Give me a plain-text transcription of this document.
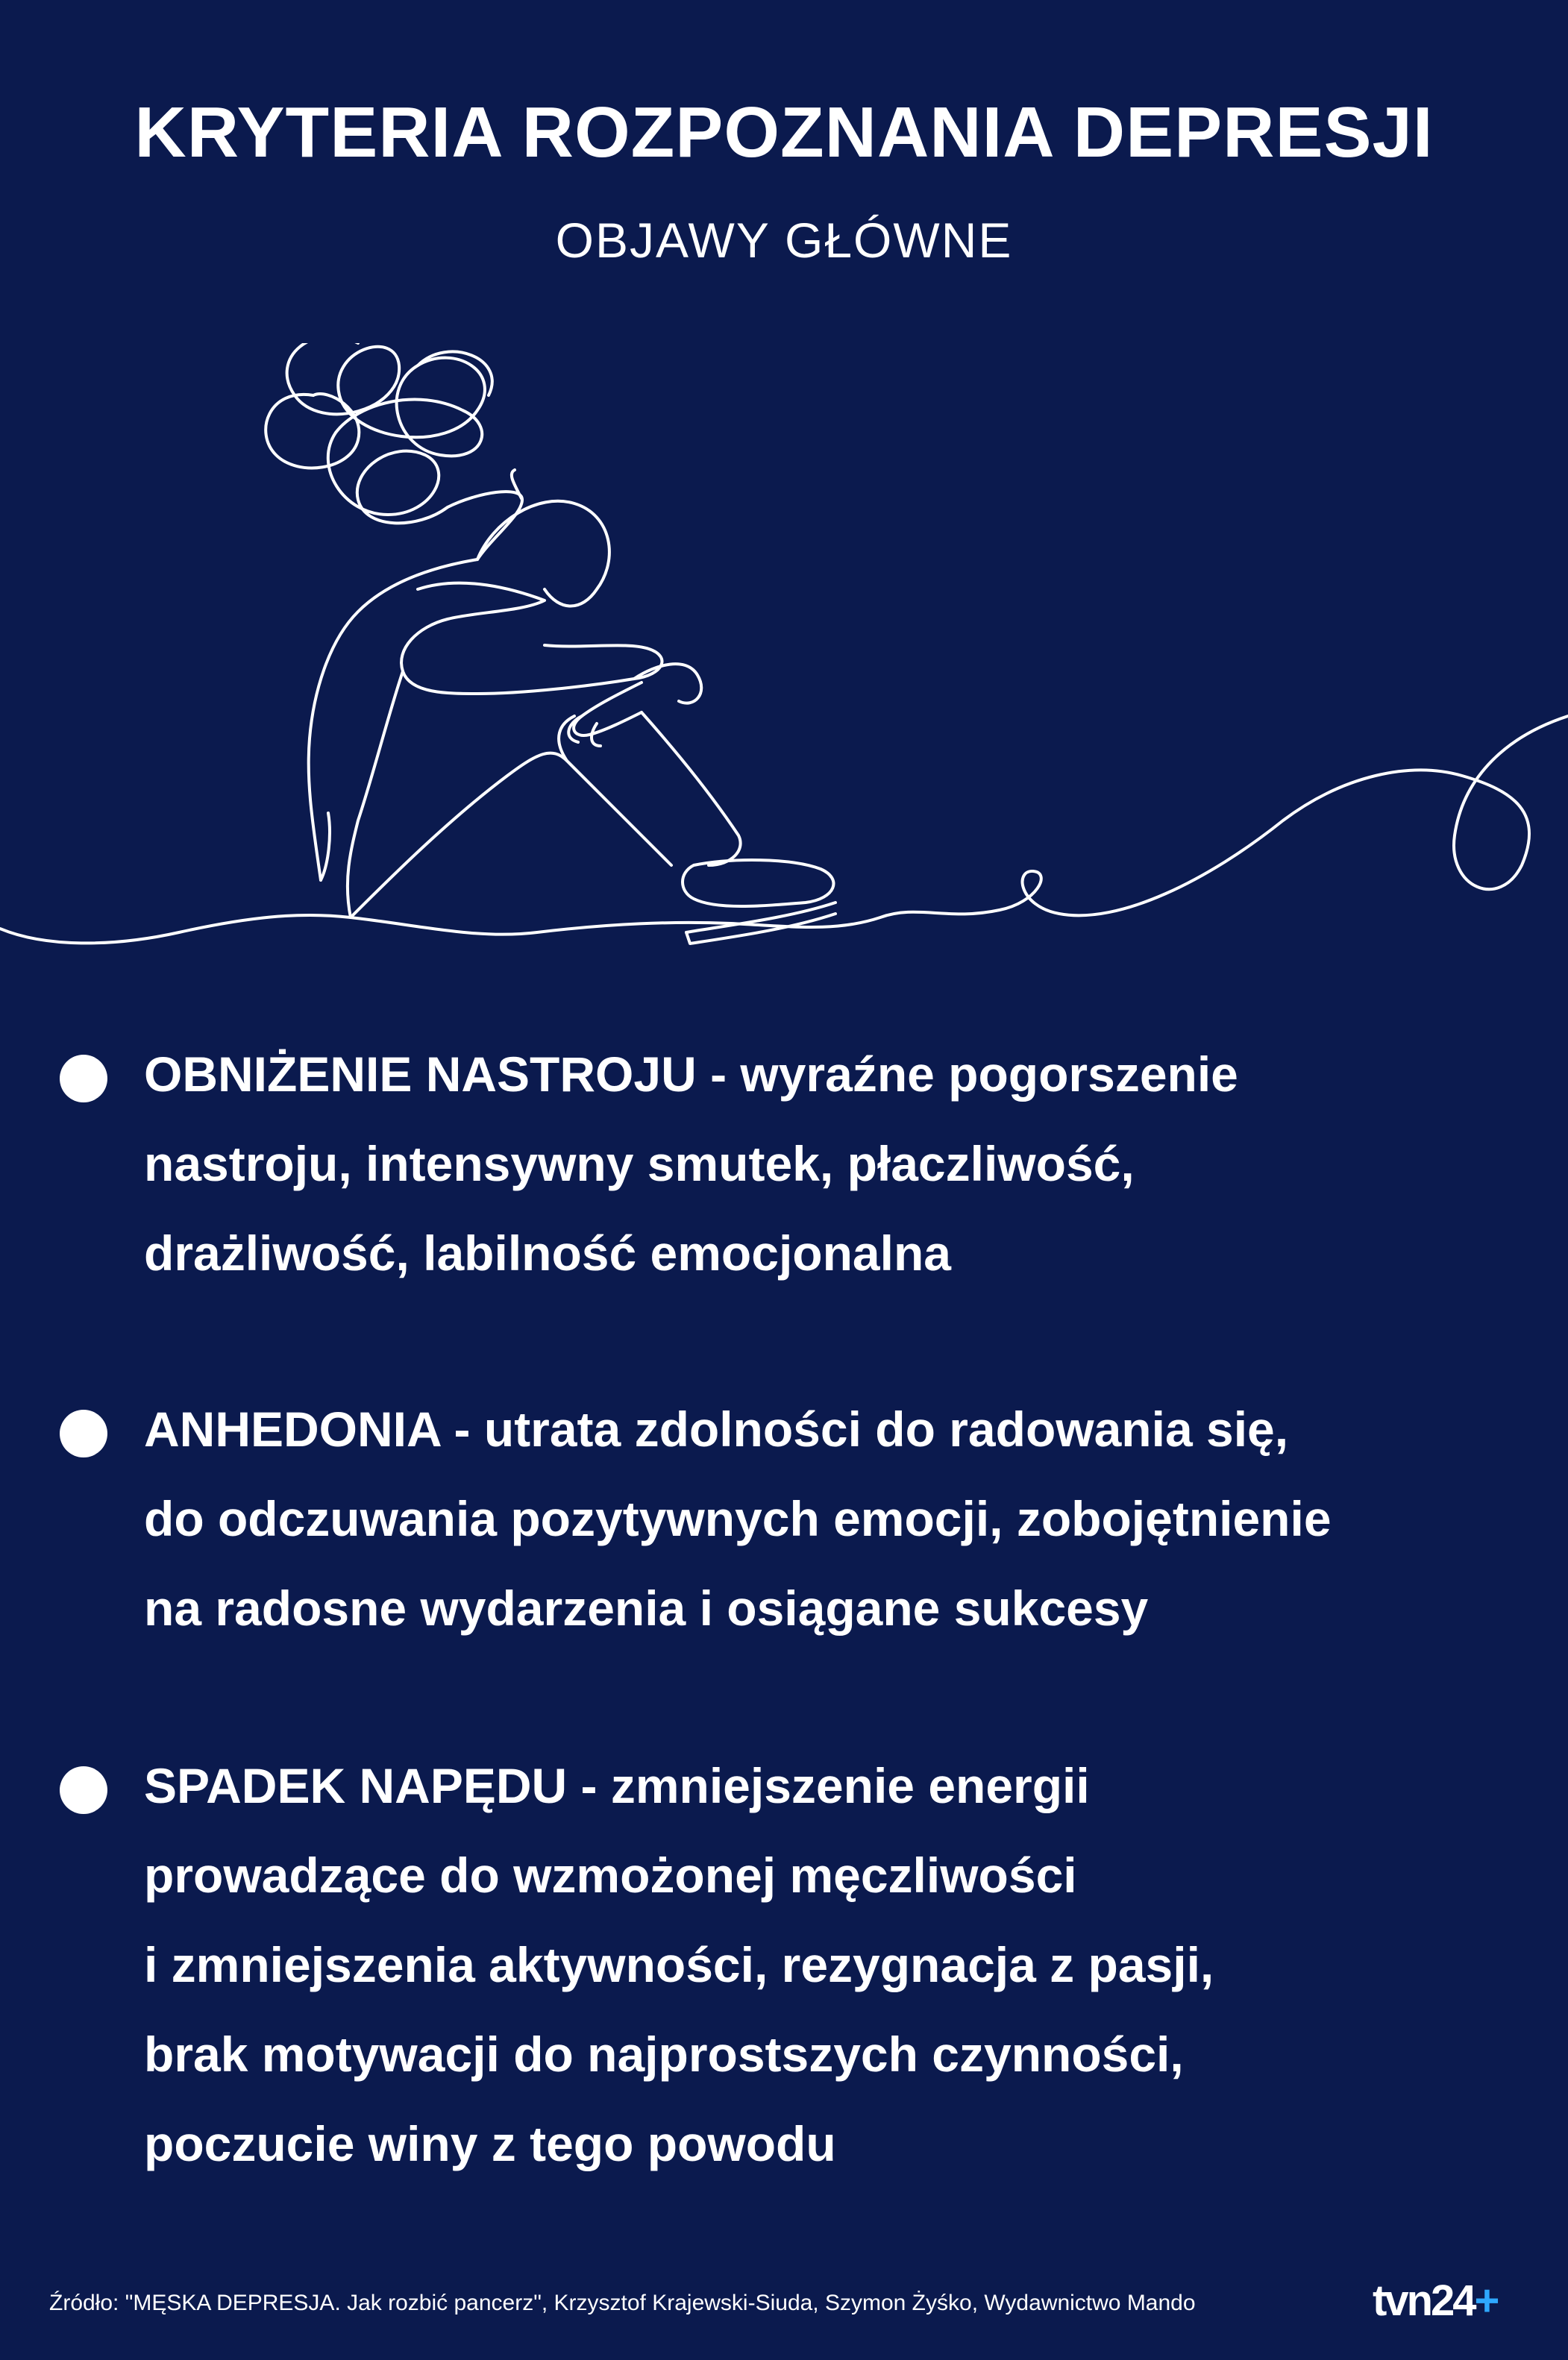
KRYTERIA ROZPOZNANIA DEPRESJI
OBJAWY GŁÓWNE
OBNIŻENIE NASTROJU - wyraźne pogorszenie
nastroju, intensywny smutek, płaczliwość,
drażliwość, labilność emocjonalna
ANHEDONIA - utrata zdolności do radowania się,
do odczuwania pozytywnych emocji, zobojętnienie
na radosne wydarzenia i osiągane sukcesy
SPADEK NAPĘDU - zmniejszenie energii
prowadzące do wzmożonej męczliwości
i zmniejszenia aktywności, rezygnacja z pasji,
brak motywacji do najprostszych czynności,
poczucie winy z tego powodu
Źródło: "MĘSKA DEPRESJA. Jak rozbić pancerz", Krzysztof Krajewski-Siuda, Szymon Żyśko, Wydawnictwo Mando	tvn24+
